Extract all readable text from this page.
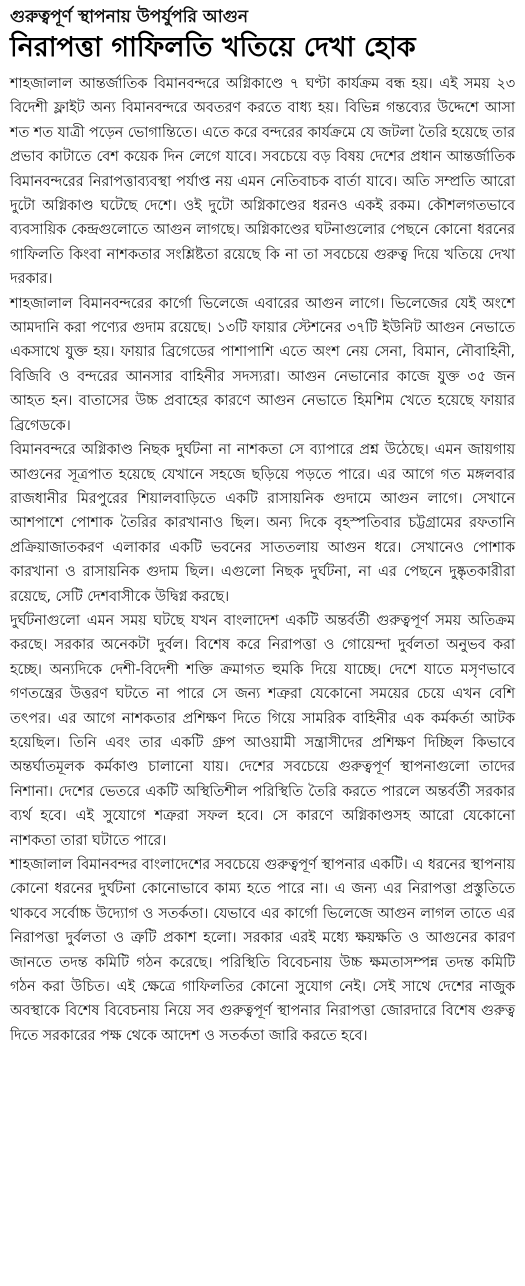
গুরুত্বপূর্ণ স্থাপনায় উপর্যুপরি আগুন
নিরাপত্তা গাফিলতি খতিয়ে দেখা হোক

শাহজালাল আন্তর্জাতিক বিমানবন্দরে অগ্নিকাণ্ডে ৭ ঘণ্টা কার্যক্রম বন্ধ হয়। এই সময় ২৩ বিদেশী ফ্লাইট অন্য বিমানবন্দরে অবতরণ করতে বাধ্য হয়। বিভিন্ন গন্তব্যের উদ্দেশে আসা শত শত যাত্রী পড়েন ভোগান্তিতে। এতে করে বন্দরের কার্যক্রমে যে জটলা তৈরি হয়েছে তার প্রভাব কাটাতে বেশ কয়েক দিন লেগে যাবে। সবচেয়ে বড় বিষয় দেশের প্রধান আন্তর্জাতিক বিমানবন্দরের নিরাপত্তাব্যবস্থা পর্যাপ্ত নয় এমন নেতিবাচক বার্তা যাবে। অতি সম্প্রতি আরো দুটো অগ্নিকাণ্ড ঘটেছে দেশে। ওই দুটো অগ্নিকাণ্ডের ধরনও একই রকম। কৌশলগতভাবে ব্যবসায়িক কেন্দ্রগুলোতে আগুন লাগছে। অগ্নিকাণ্ডের ঘটনাগুলোর পেছনে কোনো ধরনের গাফিলতি কিংবা নাশকতার সংশ্লিষ্টতা রয়েছে কি না তা সবচেয়ে গুরুত্ব দিয়ে খতিয়ে দেখা দরকার।

শাহজালাল বিমানবন্দরের কার্গো ভিলেজে এবারের আগুন লাগে। ভিলেজের যেই অংশে আমদানি করা পণ্যের গুদাম রয়েছে। ১৩টি ফায়ার স্টেশনের ৩৭টি ইউনিট আগুন নেভাতে একসাথে যুক্ত হয়। ফায়ার ব্রিগেডের পাশাপাশি এতে অংশ নেয় সেনা, বিমান, নৌবাহিনী, বিজিবি ও বন্দরের আনসার বাহিনীর সদস্যরা। আগুন নেভানোর কাজে যুক্ত ৩৫ জন আহত হন। বাতাসের উচ্চ প্রবাহের কারণে আগুন নেভাতে হিমশিম খেতে হয়েছে ফায়ার ব্রিগেডকে।

বিমানবন্দরে অগ্নিকাণ্ড নিছক দুর্ঘটনা না নাশকতা সে ব্যাপারে প্রশ্ন উঠেছে। এমন জায়গায় আগুনের সূত্রপাত হয়েছে যেখানে সহজে ছড়িয়ে পড়তে পারে। এর আগে গত মঙ্গলবার রাজধানীর মিরপুরের শিয়ালবাড়িতে একটি রাসায়নিক গুদামে আগুন লাগে। সেখানে আশপাশে পোশাক তৈরির কারখানাও ছিল। অন্য দিকে বৃহস্পতিবার চট্টগ্রামের রফতানি প্রক্রিয়াজাতকরণ এলাকার একটি ভবনের সাততলায় আগুন ধরে। সেখানেও পোশাক কারখানা ও রাসায়নিক গুদাম ছিল। এগুলো নিছক দুর্ঘটনা, না এর পেছনে দুষ্কৃতকারীরা রয়েছে, সেটি দেশবাসীকে উদ্বিগ্ন করছে।

দুর্ঘটনাগুলো এমন সময় ঘটছে যখন বাংলাদেশ একটি অন্তর্বর্তী গুরুত্বপূর্ণ সময় অতিক্রম করছে। সরকার অনেকটা দুর্বল। বিশেষ করে নিরাপত্তা ও গোয়েন্দা দুর্বলতা অনুভব করা হচ্ছে। অন্যদিকে দেশী-বিদেশী শক্তি ক্রমাগত হুমকি দিয়ে যাচ্ছে। দেশে যাতে মসৃণভাবে গণতন্ত্রের উত্তরণ ঘটতে না পারে সে জন্য শত্রুরা যেকোনো সময়ের চেয়ে এখন বেশি তৎপর। এর আগে নাশকতার প্রশিক্ষণ দিতে গিয়ে সামরিক বাহিনীর এক কর্মকর্তা আটক হয়েছিল। তিনি এবং তার একটি গ্রুপ আওয়ামী সন্ত্রাসীদের প্রশিক্ষণ দিচ্ছিল কিভাবে অন্তর্ঘাতমূলক কর্মকাণ্ড চালানো যায়। দেশের সবচেয়ে গুরুত্বপূর্ণ স্থাপনাগুলো তাদের নিশানা। দেশের ভেতরে একটি অস্থিতিশীল পরিস্থিতি তৈরি করতে পারলে অন্তর্বর্তী সরকার ব্যর্থ হবে। এই সুযোগে শত্রুরা সফল হবে। সে কারণে অগ্নিকাণ্ডসহ আরো যেকোনো নাশকতা তারা ঘটাতে পারে।

শাহজালাল বিমানবন্দর বাংলাদেশের সবচেয়ে গুরুত্বপূর্ণ স্থাপনার একটি। এ ধরনের স্থাপনায় কোনো ধরনের দুর্ঘটনা কোনোভাবে কাম্য হতে পারে না। এ জন্য এর নিরাপত্তা প্রস্তুতিতে থাকবে সর্বোচ্চ উদ্যোগ ও সতর্কতা। যেভাবে এর কার্গো ভিলেজে আগুন লাগল তাতে এর নিরাপত্তা দুর্বলতা ও ত্রুটি প্রকাশ হলো। সরকার এরই মধ্যে ক্ষয়ক্ষতি ও আগুনের কারণ জানতে তদন্ত কমিটি গঠন করেছে। পরিস্থিতি বিবেচনায় উচ্চ ক্ষমতাসম্পন্ন তদন্ত কমিটি গঠন করা উচিত। এই ক্ষেত্রে গাফিলতির কোনো সুযোগ নেই। সেই সাথে দেশের নাজুক অবস্থাকে বিশেষ বিবেচনায় নিয়ে সব গুরুত্বপূর্ণ স্থাপনার নিরাপত্তা জোরদারে বিশেষ গুরুত্ব দিতে সরকারের পক্ষ থেকে আদেশ ও সতর্কতা জারি করতে হবে।
